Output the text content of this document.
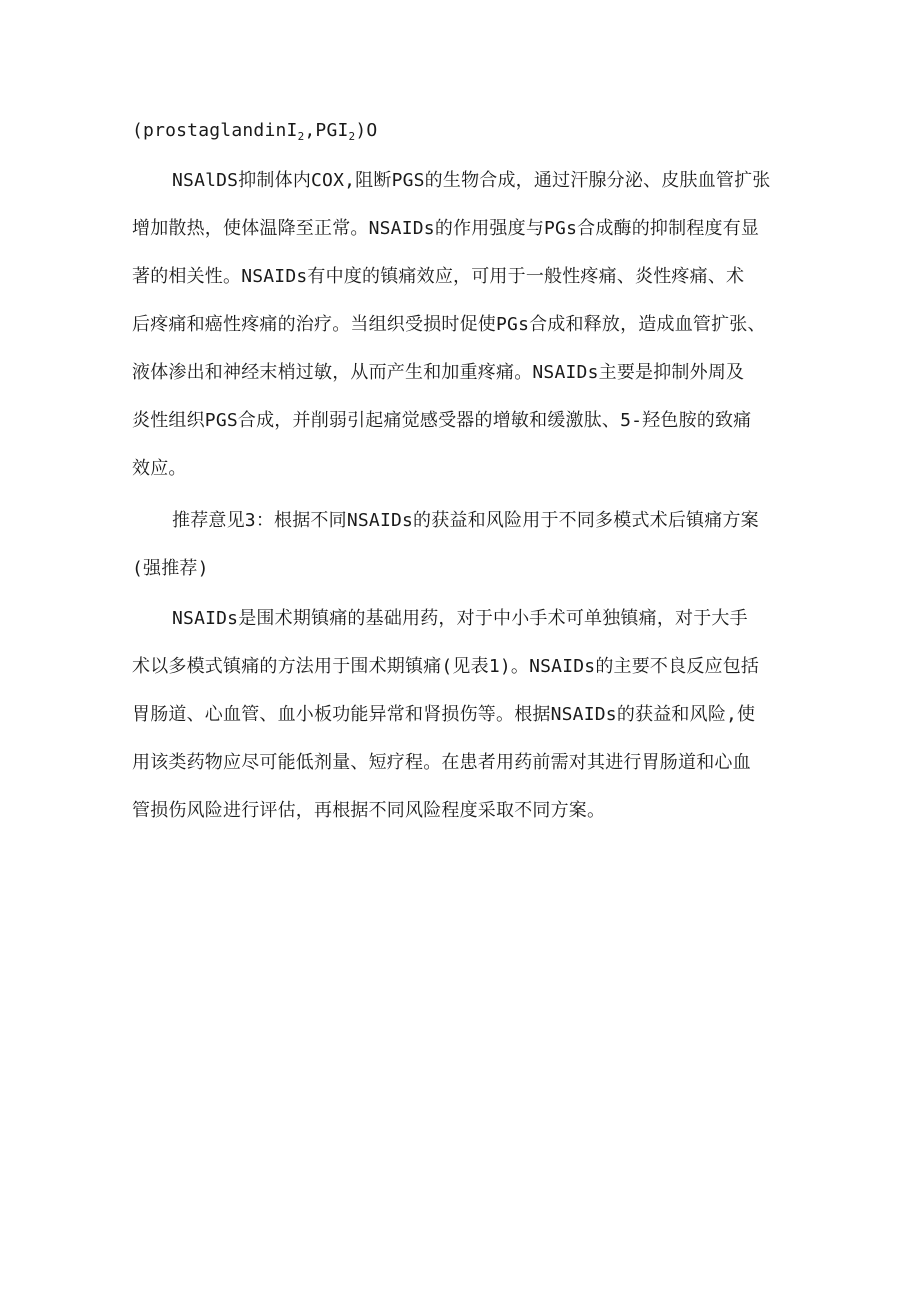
$(prostaglandinI_2,PGI_2)O$
NSAlDS抑制体内COX,阻断PGS的生物合成，通过汗腺分泌、皮肤血管扩张
增加散热，使体温降至正常。NSAIDs的作用强度与PGs合成酶的抑制程度有显
著的相关性。NSAIDs有中度的镇痛效应，可用于一般性疼痛、炎性疼痛、术
后疼痛和癌性疼痛的治疗。当组织受损时促使PGs合成和释放，造成血管扩张、
液体渗出和神经末梢过敏，从而产生和加重疼痛。NSAIDs主要是抑制外周及
炎性组织PGS合成，并削弱引起痛觉感受器的增敏和缓激肽、5-羟色胺的致痛
效应。
推荐意见3：根据不同NSAIDs的获益和风险用于不同多模式术后镇痛方案
(强推荐)
NSAIDs是围术期镇痛的基础用药，对于中小手术可单独镇痛，对于大手
术以多模式镇痛的方法用于围术期镇痛(见表1)。NSAIDs的主要不良反应包括
胃肠道、心血管、血小板功能异常和肾损伤等。根据NSAIDs的获益和风险,使
用该类药物应尽可能低剂量、短疗程。在患者用药前需对其进行胃肠道和心血
管损伤风险进行评估，再根据不同风险程度采取不同方案。
